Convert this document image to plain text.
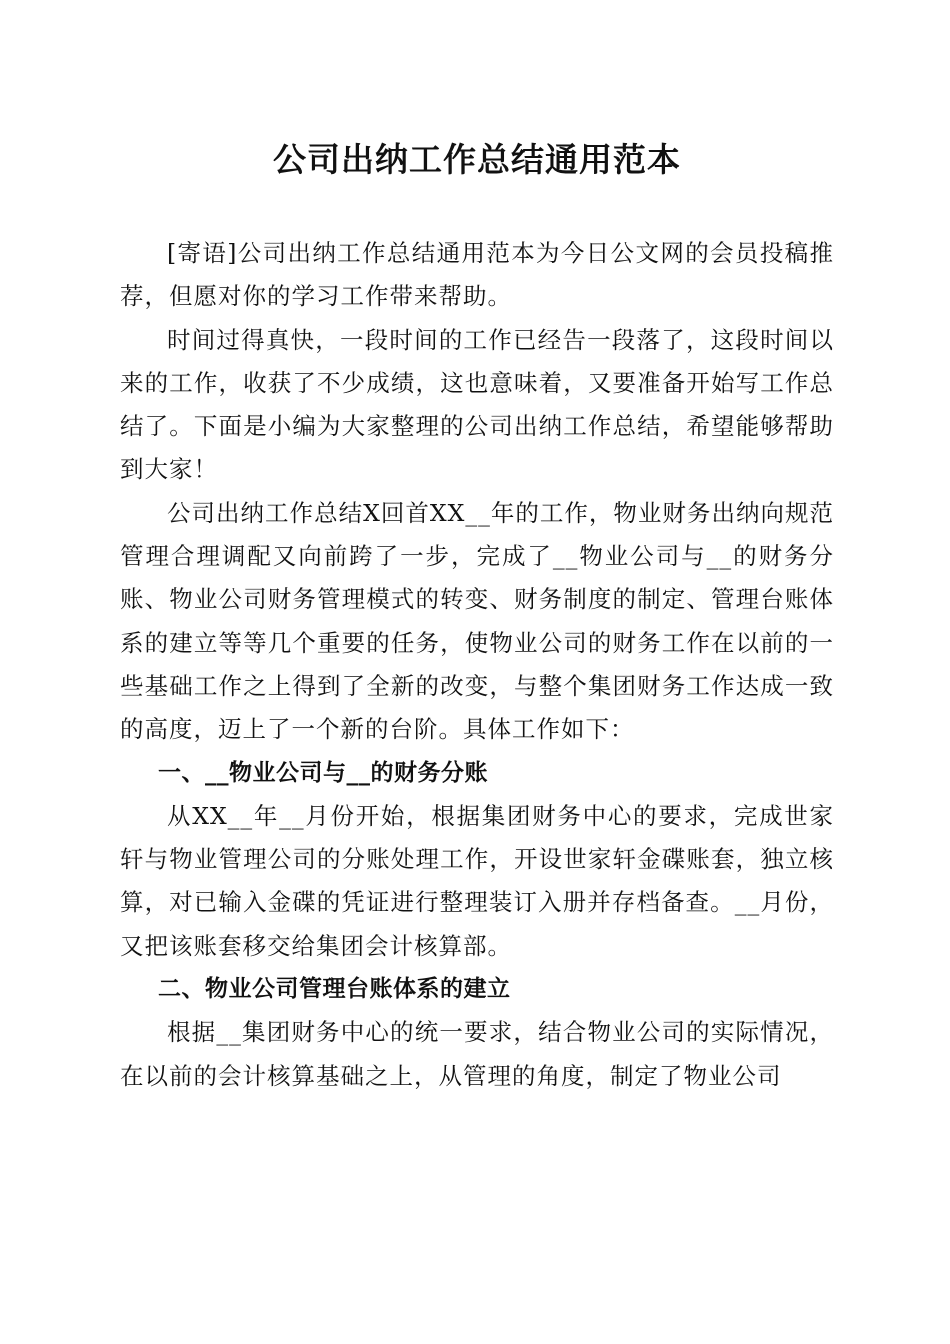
公司出纳工作总结通用范本

[寄语]公司出纳工作总结通用范本为今日公文网的会员投稿推荐，但愿对你的学习工作带来帮助。

时间过得真快，一段时间的工作已经告一段落了，这段时间以来的工作，收获了不少成绩，这也意味着，又要准备开始写工作总结了。下面是小编为大家整理的公司出纳工作总结，希望能够帮助到大家！

公司出纳工作总结X回首XX__年的工作，物业财务出纳向规范管理合理调配又向前跨了一步，完成了__物业公司与__的财务分账、物业公司财务管理模式的转变、财务制度的制定、管理台账体系的建立等等几个重要的任务，使物业公司的财务工作在以前的一些基础工作之上得到了全新的改变，与整个集团财务工作达成一致的高度，迈上了一个新的台阶。具体工作如下：

一、__物业公司与__的财务分账

从XX__年__月份开始，根据集团财务中心的要求，完成世家轩与物业管理公司的分账处理工作，开设世家轩金碟账套，独立核算，对已输入金碟的凭证进行整理装订入册并存档备查。__月份，又把该账套移交给集团会计核算部。

二、物业公司管理台账体系的建立

根据__集团财务中心的统一要求，结合物业公司的实际情况，在以前的会计核算基础之上，从管理的角度，制定了物业公司
